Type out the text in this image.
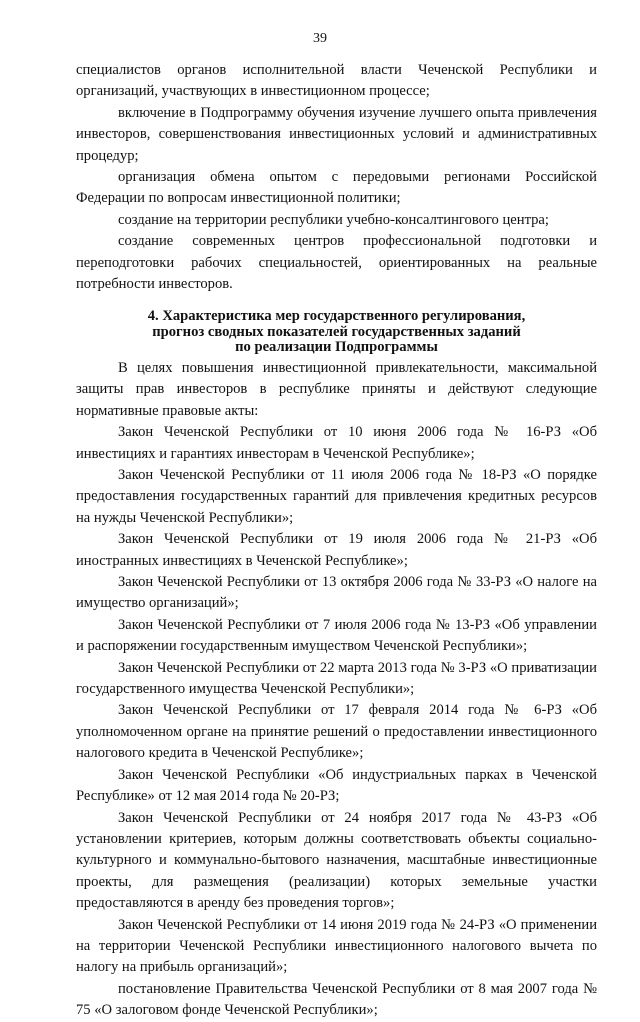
39

специалистов органов исполнительной власти Чеченской Республики и организаций, участвующих в инвестиционном процессе;

включение в Подпрограмму обучения изучение лучшего опыта привлечения инвесторов, совершенствования инвестиционных условий и административных процедур;

организация обмена опытом с передовыми регионами Российской Федерации по вопросам инвестиционной политики;

создание на территории республики учебно-консалтингового центра;

создание современных центров профессиональной подготовки и переподготовки рабочих специальностей, ориентированных на реальные потребности инвесторов.

4. Характеристика мер государственного регулирования,
прогноз сводных показателей государственных заданий
по реализации Подпрограммы

В целях повышения инвестиционной привлекательности, максимальной защиты прав инвесторов в республике приняты и действуют следующие нормативные правовые акты:

Закон Чеченской Республики от 10 июня 2006 года № 16-РЗ «Об инвестициях и гарантиях инвесторам в Чеченской Республике»;

Закон Чеченской Республики от 11 июля 2006 года № 18-РЗ «О порядке предоставления государственных гарантий для привлечения кредитных ресурсов на нужды Чеченской Республики»;

Закон Чеченской Республики от 19 июля 2006 года № 21-РЗ «Об иностранных инвестициях в Чеченской Республике»;

Закон Чеченской Республики от 13 октября 2006 года № 33-РЗ «О налоге на имущество организаций»;

Закон Чеченской Республики от 7 июля 2006 года № 13-РЗ «Об управлении и распоряжении государственным имуществом Чеченской Республики»;

Закон Чеченской Республики от 22 марта 2013 года № 3-РЗ «О приватизации государственного имущества Чеченской Республики»;

Закон Чеченской Республики от 17 февраля 2014 года № 6-РЗ «Об уполномоченном органе на принятие решений о предоставлении инвестиционного налогового кредита в Чеченской Республике»;

Закон Чеченской Республики «Об индустриальных парках в Чеченской Республике» от 12 мая 2014 года № 20-РЗ;

Закон Чеченской Республики от 24 ноября 2017 года № 43-РЗ «Об установлении критериев, которым должны соответствовать объекты социально-культурного и коммунально-бытового назначения, масштабные инвестиционные проекты, для размещения (реализации) которых земельные участки предоставляются в аренду без проведения торгов»;

Закон Чеченской Республики от 14 июня 2019 года № 24-РЗ «О применении на территории Чеченской Республики инвестиционного налогового вычета по налогу на прибыль организаций»;

постановление Правительства Чеченской Республики от 8 мая 2007 года № 75 «О залоговом фонде Чеченской Республики»;
